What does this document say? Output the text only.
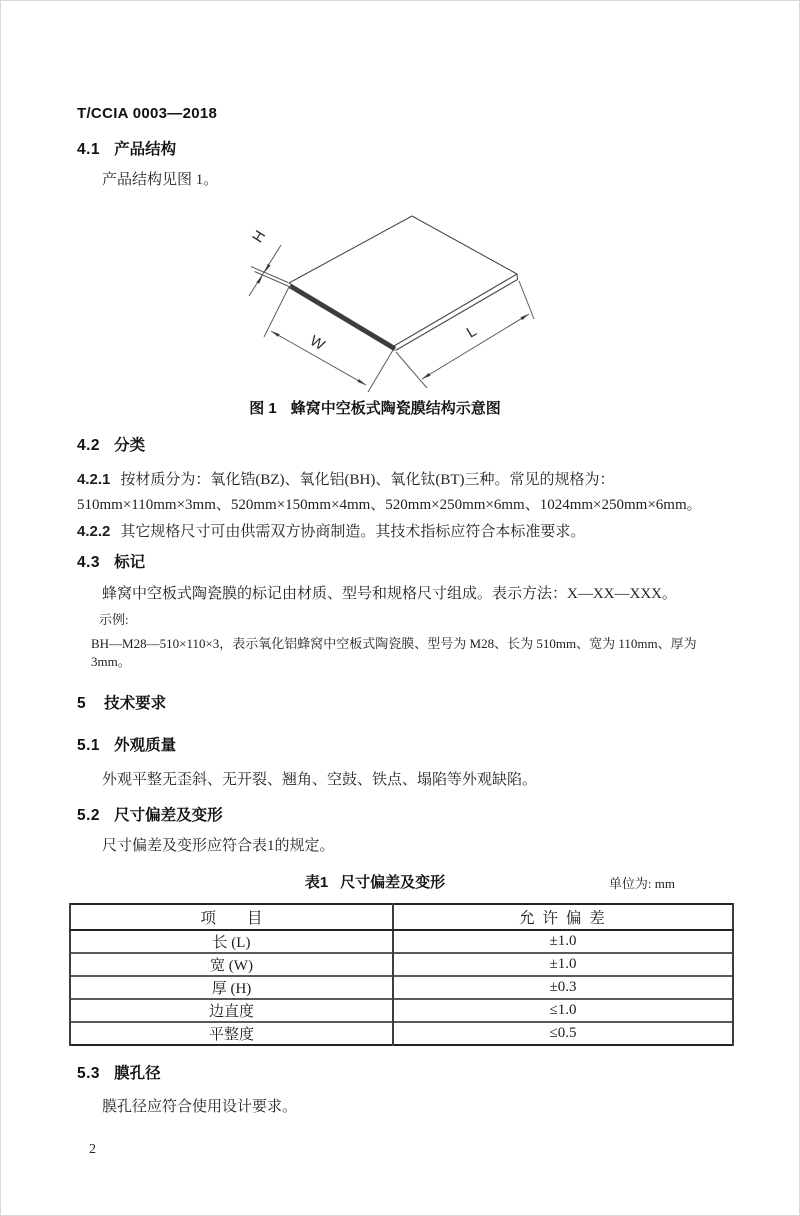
T/CCIA 0003—2018
4.1 产品结构
产品结构见图 1。
H
W
L
图 1 蜂窝中空板式陶瓷膜结构示意图
4.2 分类
4.2.1 按材质分为：氧化锆(BZ)、氧化铝(BH)、氧化钛(BT)三种。常见的规格为：510mm×110mm×3mm、520mm×150mm×4mm、520mm×250mm×6mm、1024mm×250mm×6mm。
4.2.2 其它规格尺寸可由供需双方协商制造。其技术指标应符合本标准要求。
4.3 标记
蜂窝中空板式陶瓷膜的标记由材质、型号和规格尺寸组成。表示方法：X—XX—XXX。
示例:
BH—M28—510×110×3，表示氧化铝蜂窝中空板式陶瓷膜、型号为 M28、长为 510mm、宽为 110mm、厚为 3mm。
5 技术要求
5.1 外观质量
外观平整无歪斜、无开裂、翘角、空鼓、铁点、塌陷等外观缺陷。
5.2 尺寸偏差及变形
尺寸偏差及变形应符合表1的规定。
表1 尺寸偏差及变形	单位为: mm
项　　目	允 许 偏 差
长 (L)	±1.0
宽 (W)	±1.0
厚 (H)	±0.3
边直度	≤1.0
平整度	≤0.5
5.3 膜孔径
膜孔径应符合使用设计要求。
2
